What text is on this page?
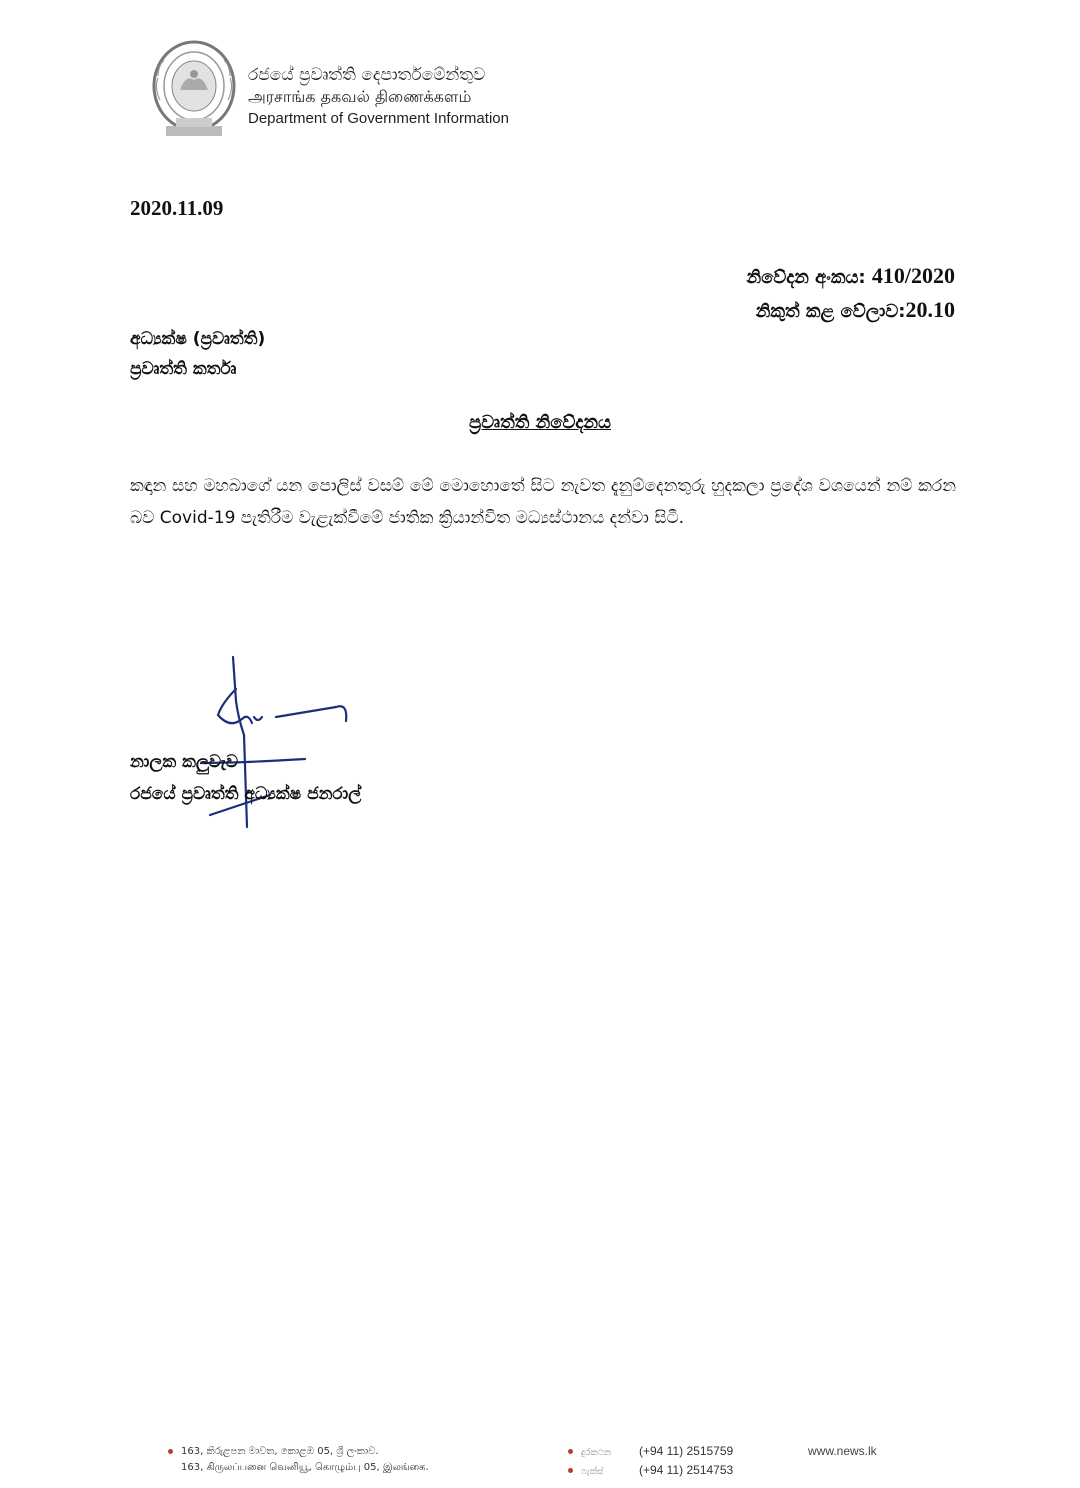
රජයේ ප්‍රවෘත්ති දෙපාර්තමේන්තුව
அரசாங்க தகவல் திணைக்களம்
Department of Government Information
2020.11.09
නිවේදන අංකය: 410/2020
නිකුත් කළ වේලාව:20.10
අධ්‍යක්ෂ (ප්‍රවෘත්ති)
ප්‍රවෘත්ති කර්තෘ
ප්‍රවෘත්ති නිවේදනය
කඳාන සහ මහබාගේ යන පොලිස් වසම් මේ මොහොතේ සිට නැවත දැනුම්දෙනතුරු හුදකලා ප්‍රදේශ වශයෙන් නම් කරන බව Covid-19 පැතිරීම වැළැක්වීමේ ජාතික ක්‍රියාන්විත මධ්‍යස්ථානය දන්වා සිටී.
නාලක කලුවැව
රජයේ ප්‍රවෘත්ති අධ්‍යක්ෂ ජනරාල්
163, කිරුළපන මාවත, කොළඹ 05, ශ්‍රී ලංකාව.
163, கிருலப்பனை வெனியூ, கொழும்பு 05, இலங்கை.
දුරකථන (+94 11) 2515759
ෆැක්ස්	(+94 11) 2514753
www.news.lk
